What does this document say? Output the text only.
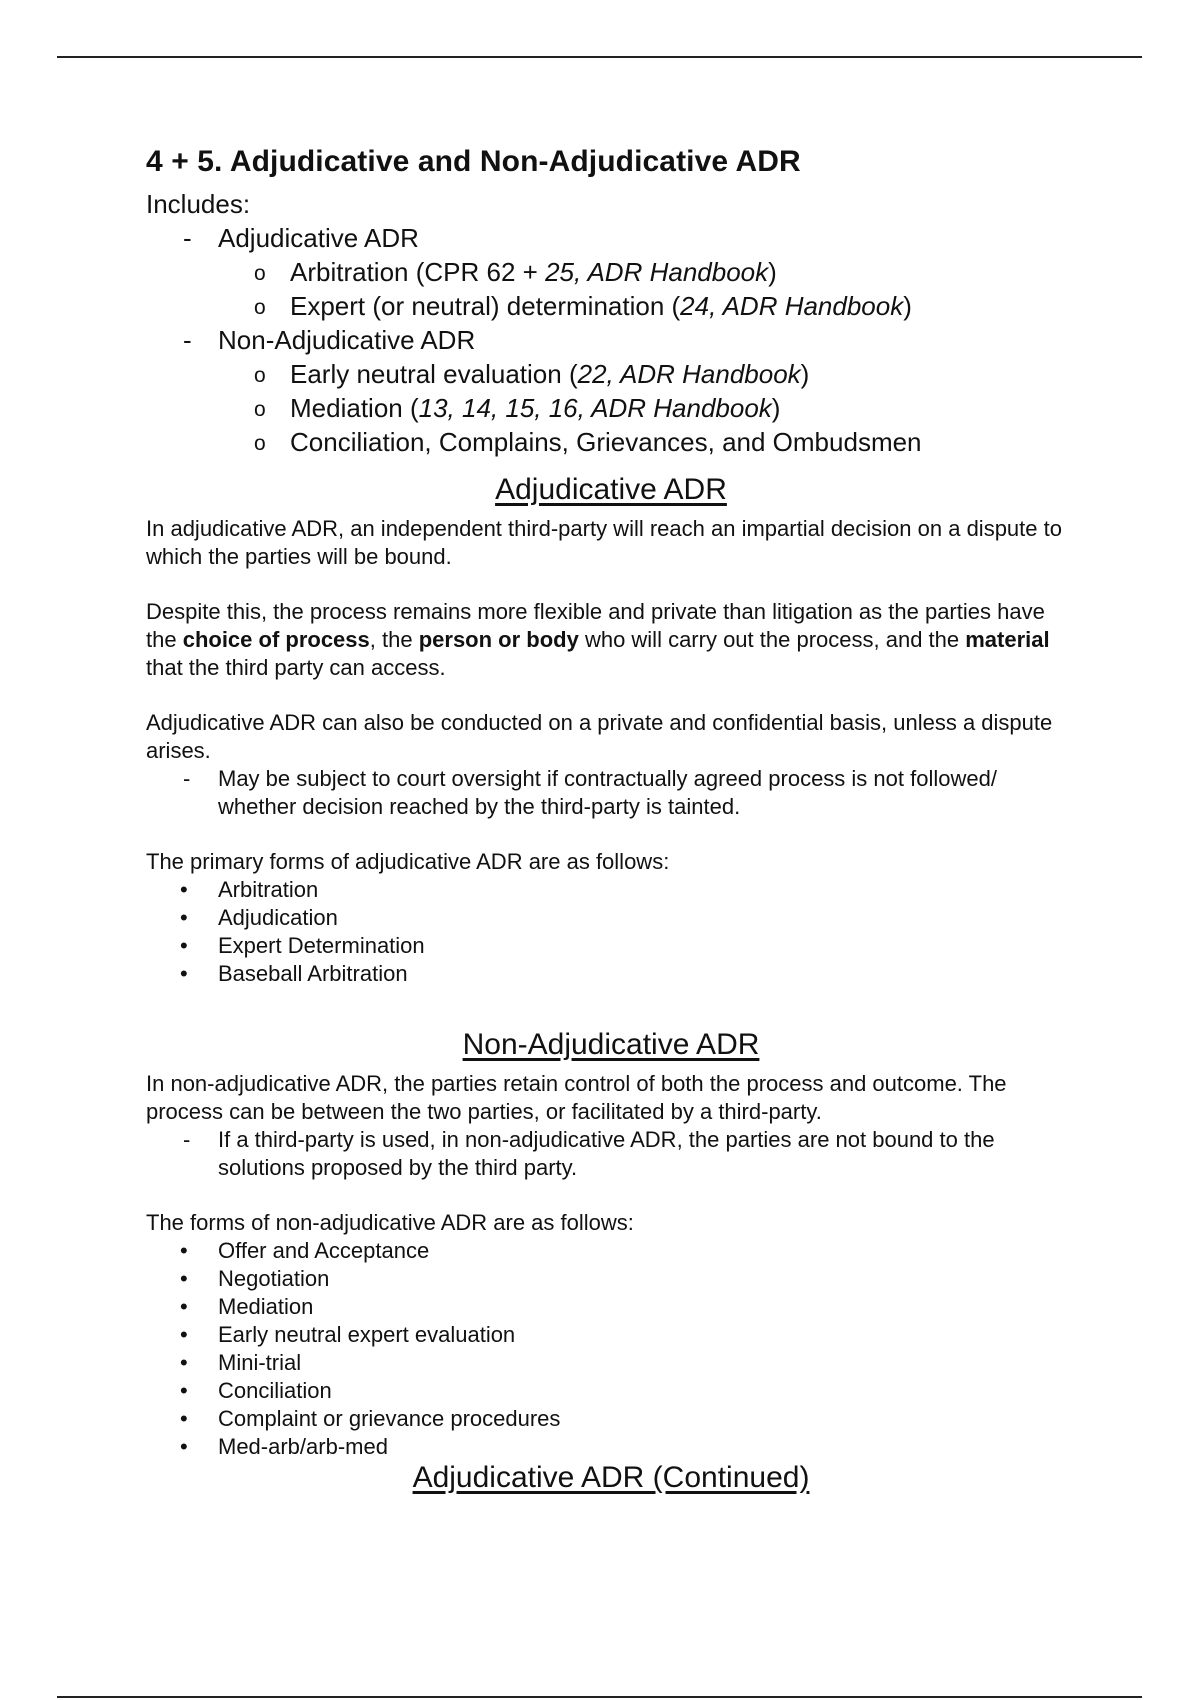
4 + 5. Adjudicative and Non-Adjudicative ADR
Includes:
- Adjudicative ADR
o Arbitration (CPR 62 + 25, ADR Handbook)
o Expert (or neutral) determination (24, ADR Handbook)
- Non-Adjudicative ADR
o Early neutral evaluation (22, ADR Handbook)
o Mediation (13, 14, 15, 16, ADR Handbook)
o Conciliation, Complains, Grievances, and Ombudsmen
Adjudicative ADR

In adjudicative ADR, an independent third-party will reach an impartial decision on a dispute to which the parties will be bound.

Despite this, the process remains more flexible and private than litigation as the parties have the choice of process, the person or body who will carry out the process, and the material that the third party can access.

Adjudicative ADR can also be conducted on a private and confidential basis, unless a dispute arises.

- May be subject to court oversight if contractually agreed process is not followed/ whether decision reached by the third-party is tainted.

The primary forms of adjudicative ADR are as follows:

• Arbitration
• Adjudication
• Expert Determination
• Baseball Arbitration
Non-Adjudicative ADR

In non-adjudicative ADR, the parties retain control of both the process and outcome. The process can be between the two parties, or facilitated by a third-party.

- If a third-party is used, in non-adjudicative ADR, the parties are not bound to the solutions proposed by the third party.

The forms of non-adjudicative ADR are as follows:

• Offer and Acceptance
• Negotiation
• Mediation
• Early neutral expert evaluation
• Mini-trial
• Conciliation
• Complaint or grievance procedures
• Med-arb/arb-med
Adjudicative ADR (Continued)
